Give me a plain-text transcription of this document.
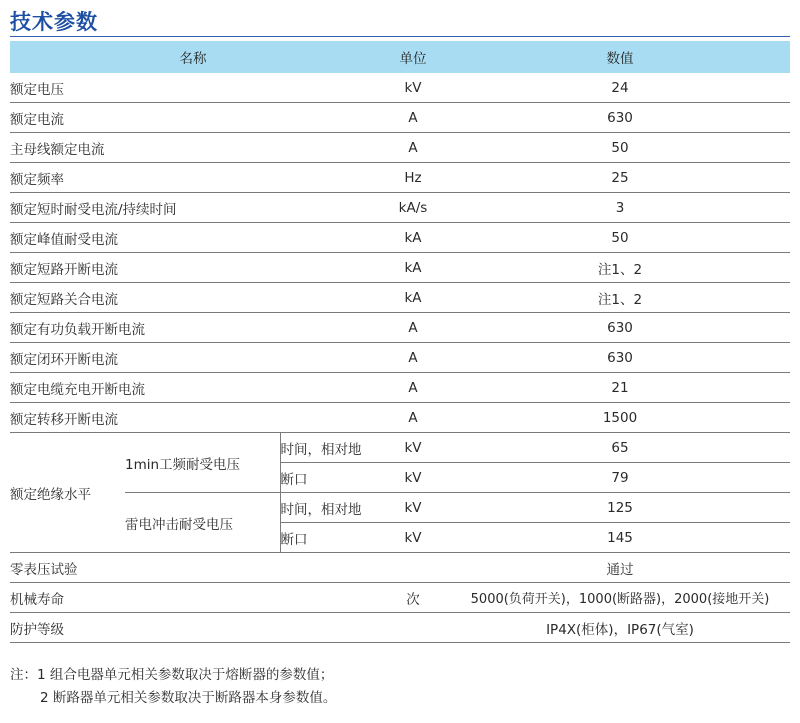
技术参数
名称			单位	数值
额定电压			kV	24
额定电流			A	630
主母线额定电流			A	50
额定频率			Hz	25
额定短时耐受电流/持续时间			kA/s	3
额定峰值耐受电流			kA	50
额定短路开断电流			kA	注1、2
额定短路关合电流			kA	注1、2
额定有功负载开断电流			A	630
额定闭环开断电流			A	630
额定电缆充电开断电流			A	21
额定转移开断电流			A	1500
额定绝缘水平	1min工频耐受电压	时间，相对地	kV	65
		断口	kV	79
	雷电冲击耐受电压	时间，相对地	kV	125
		断口	kV	145
零表压试验				通过
机械寿命			次	5000(负荷开关)，1000(断路器)，2000(接地开关)
防护等级				IP4X(柜体)，IP67(气室)
注：1 组合电器单元相关参数取决于熔断器的参数值；
2 断路器单元相关参数取决于断路器本身参数值。
